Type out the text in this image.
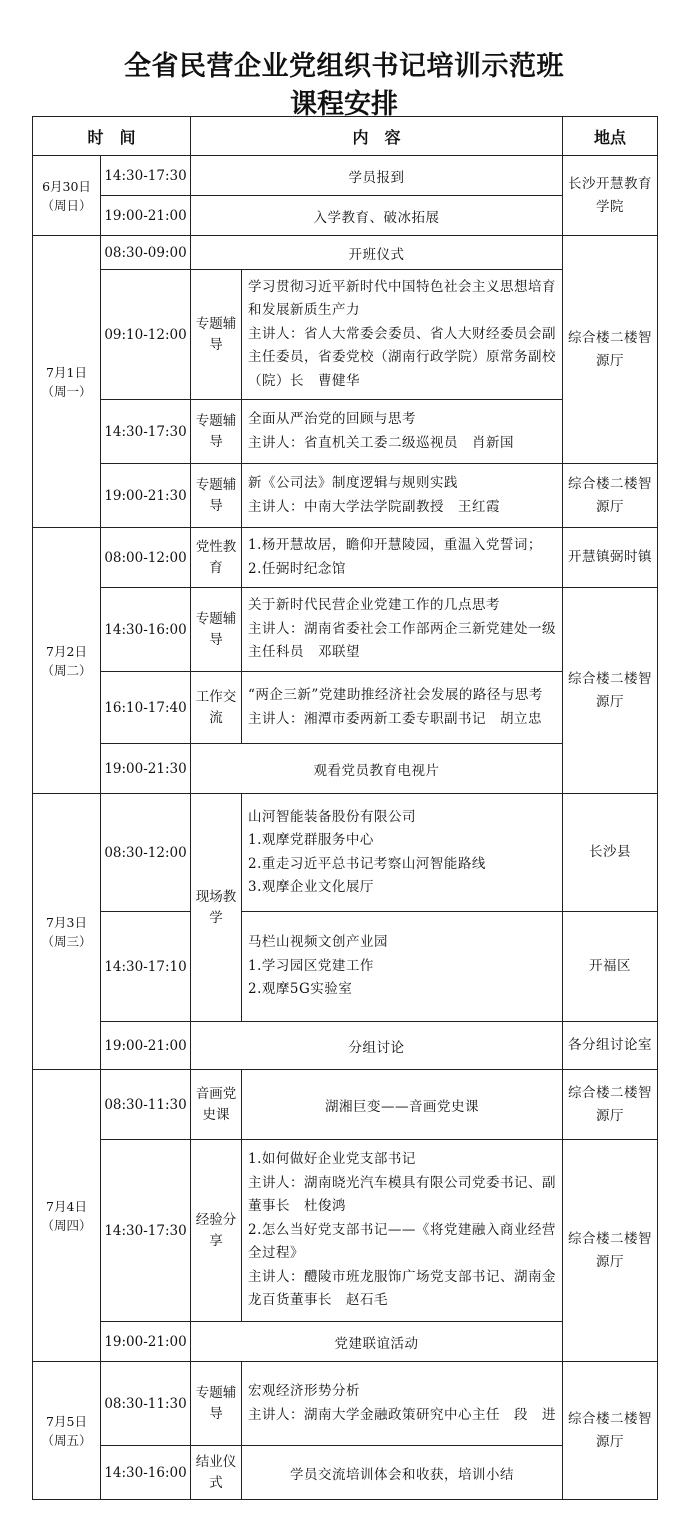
全省民营企业党组织书记培训示范班
课程安排
时　间		内　容		地点

6月30日
（周日）	14:30-17:30	学员报到		长沙开慧教育学院
	19:00-21:00	入学教育、破冰拓展		

7月1日
（周一）	08:30-09:00	开班仪式		综合楼二楼智源厅
	09:10-12:00	专题辅导	学习贯彻习近平新时代中国特色社会主义思想培育和发展新质生产力
主讲人：省人大常委会委员、省人大财经委员会副主任委员，省委党校（湖南行政学院）原常务副校（院）长　曹健华	

	14:30-17:30	专题辅导	全面从严治党的回顾与思考
主讲人：省直机关工委二级巡视员　肖新国	

	19:00-21:30	专题辅导	新《公司法》制度逻辑与规则实践
主讲人：中南大学法学院副教授　王红霞	综合楼二楼智源厅

7月2日
（周二）	08:00-12:00	党性教育	1.杨开慧故居，瞻仰开慧陵园，重温入党誓词；
2.任弼时纪念馆	开慧镇弼时镇
	14:30-16:00	专题辅导	关于新时代民营企业党建工作的几点思考
主讲人：湖南省委社会工作部两企三新党建处一级主任科员　邓联望	综合楼二楼智源厅
	16:10-17:40	工作交流	“两企三新”党建助推经济社会发展的路径与思考
主讲人：湘潭市委两新工委专职副书记　胡立忠	

	19:00-21:30	观看党员教育电视片		

7月3日
（周三）	08:30-12:00	现场教学	山河智能装备股份有限公司
1.观摩党群服务中心
2.重走习近平总书记考察山河智能路线
3.观摩企业文化展厅	长沙县
	14:30-17:10		马栏山视频文创产业园
1.学习园区党建工作
2.观摩5G实验室	开福区
	19:00-21:00	分组讨论		各分组讨论室

7月4日
（周四）	08:30-11:30	音画党史课	湖湘巨变——音画党史课	综合楼二楼智源厅
	14:30-17:30	经验分享	1.如何做好企业党支部书记
主讲人：湖南晓光汽车模具有限公司党委书记、副董事长　杜俊鸿
2.怎么当好党支部书记——《将党建融入商业经营全过程》
主讲人：醴陵市班龙服饰广场党支部书记、湖南金龙百货董事长　赵石毛	综合楼二楼智源厅
	19:00-21:00	党建联谊活动		

7月5日
（周五）	08:30-11:30	专题辅导	宏观经济形势分析
主讲人：湖南大学金融政策研究中心主任　段　进	综合楼二楼智源厅
	14:30-16:00	结业仪式	学员交流培训体会和收获，培训小结	
